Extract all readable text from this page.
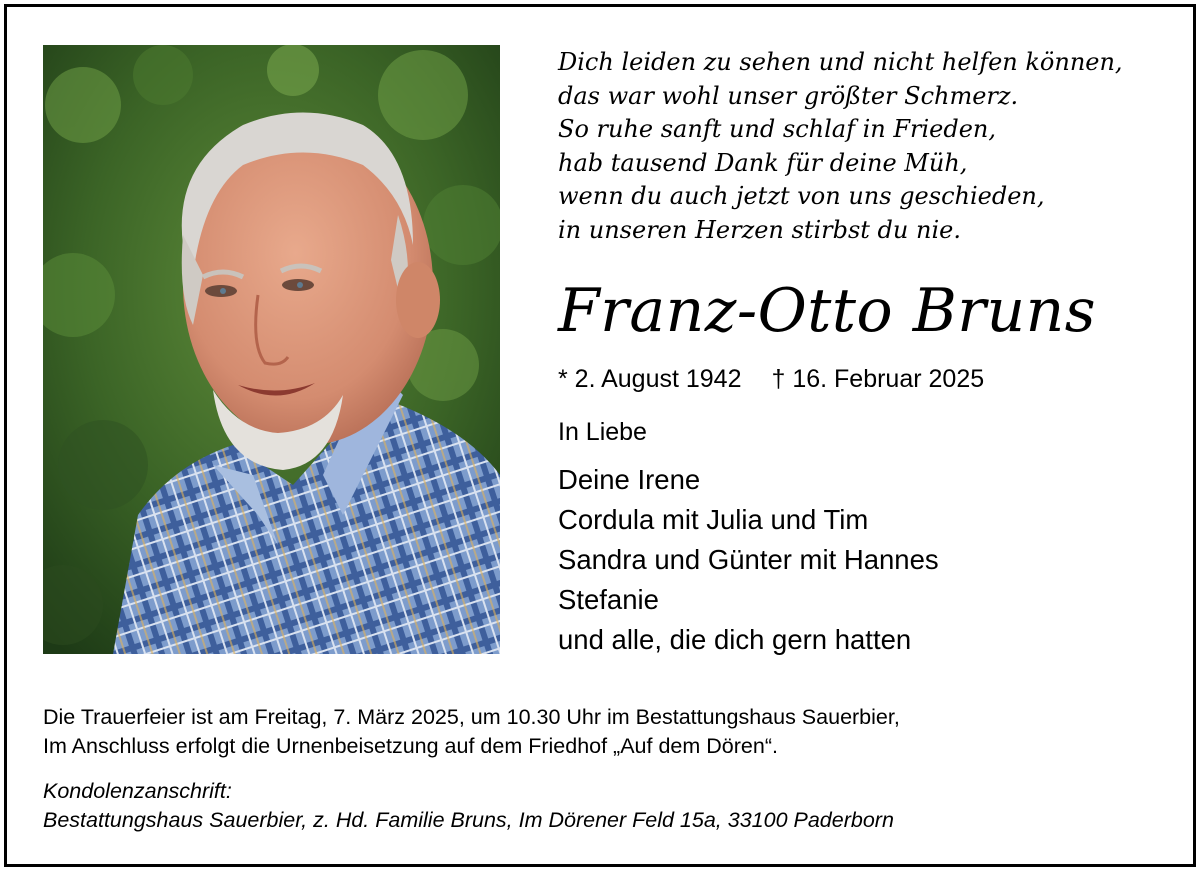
Dich leiden zu sehen und nicht helfen können,
das war wohl unser größter Schmerz.
So ruhe sanft und schlaf in Frieden,
hab tausend Dank für deine Müh,
wenn du auch jetzt von uns geschieden,
in unseren Herzen stirbst du nie.
Franz-Otto Bruns
* 2. August 1942 † 16. Februar 2025
In Liebe
Deine Irene
Cordula mit Julia und Tim
Sandra und Günter mit Hannes
Stefanie
und alle, die dich gern hatten
Die Trauerfeier ist am Freitag, 7. März 2025, um 10.30 Uhr im Bestattungshaus Sauerbier,
Im Anschluss erfolgt die Urnenbeisetzung auf dem Friedhof „Auf dem Dören“.
Kondolenzanschrift:
Bestattungshaus Sauerbier, z. Hd. Familie Bruns, Im Dörener Feld 15a, 33100 Paderborn
